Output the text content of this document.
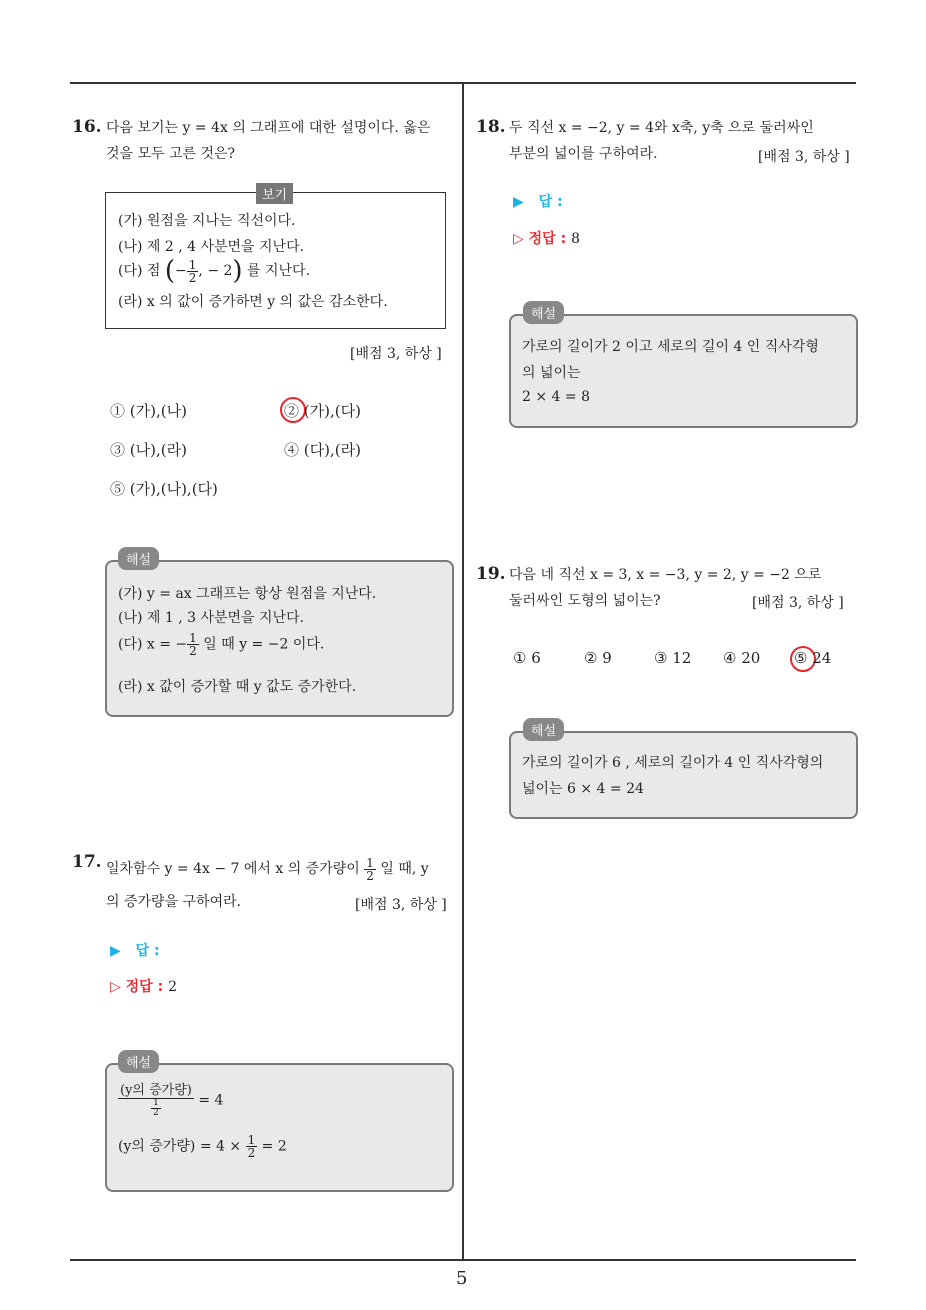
5
16. 다음 보기는 y = 4x 의 그래프에 대한 설명이다. 옳은
것을 모두 고른 것은?
보기
(가) 원점을 지나는 직선이다.
(나) 제 2 , 4 사분면을 지난다.
(다) 점 (− $\frac{1}{2}$ , − 2) 를 지난다.
(라) x 의 값이 증가하면 y 의 값은 감소한다.
[배점 3, 하상 ]
① (가),(나)	② (가),(다)
③ (나),(라)	④ (다),(라)
⑤ (가),(나),(다)
해설
(가) y = ax 그래프는 항상 원점을 지난다.
(나) 제 1 , 3 사분면을 지난다.
(다) x = − $\frac{1}{2}$ 일 때 y = −2 이다.
(라) x 값이 증가할 때 y 값도 증가한다.
17. 일차함수 y = 4x − 7 에서 x 의 증가량이 $\frac{1}{2}$ 일 때, y
의 증가량을 구하여라.	[배점 3, 하상 ]
▶ 답 :
▷ 정답 : 2
해설
$\frac{\text{(y의 증가량)}}{\frac{1}{2}} = 4$
(y의 증가량) = $4 \times \frac{1}{2} = 2$
18. 두 직선 x = −2, y = 4와 x축, y축 으로 둘러싸인
부분의 넓이를 구하여라.	[배점 3, 하상 ]
▶ 답 :
▷ 정답 : 8
해설
가로의 길이가 2 이고 세로의 길이 4 인 직사각형
의 넓이는
2 × 4 = 8
19. 다음 네 직선 x = 3, x = −3, y = 2, y = −2 으로
둘러싸인 도형의 넓이는?	[배점 3, 하상 ]
① 6	② 9	③ 12 ④ 20 ⑤ 24
해설
가로의 길이가 6 , 세로의 길이가 4 인 직사각형의
넓이는 6 × 4 = 24
